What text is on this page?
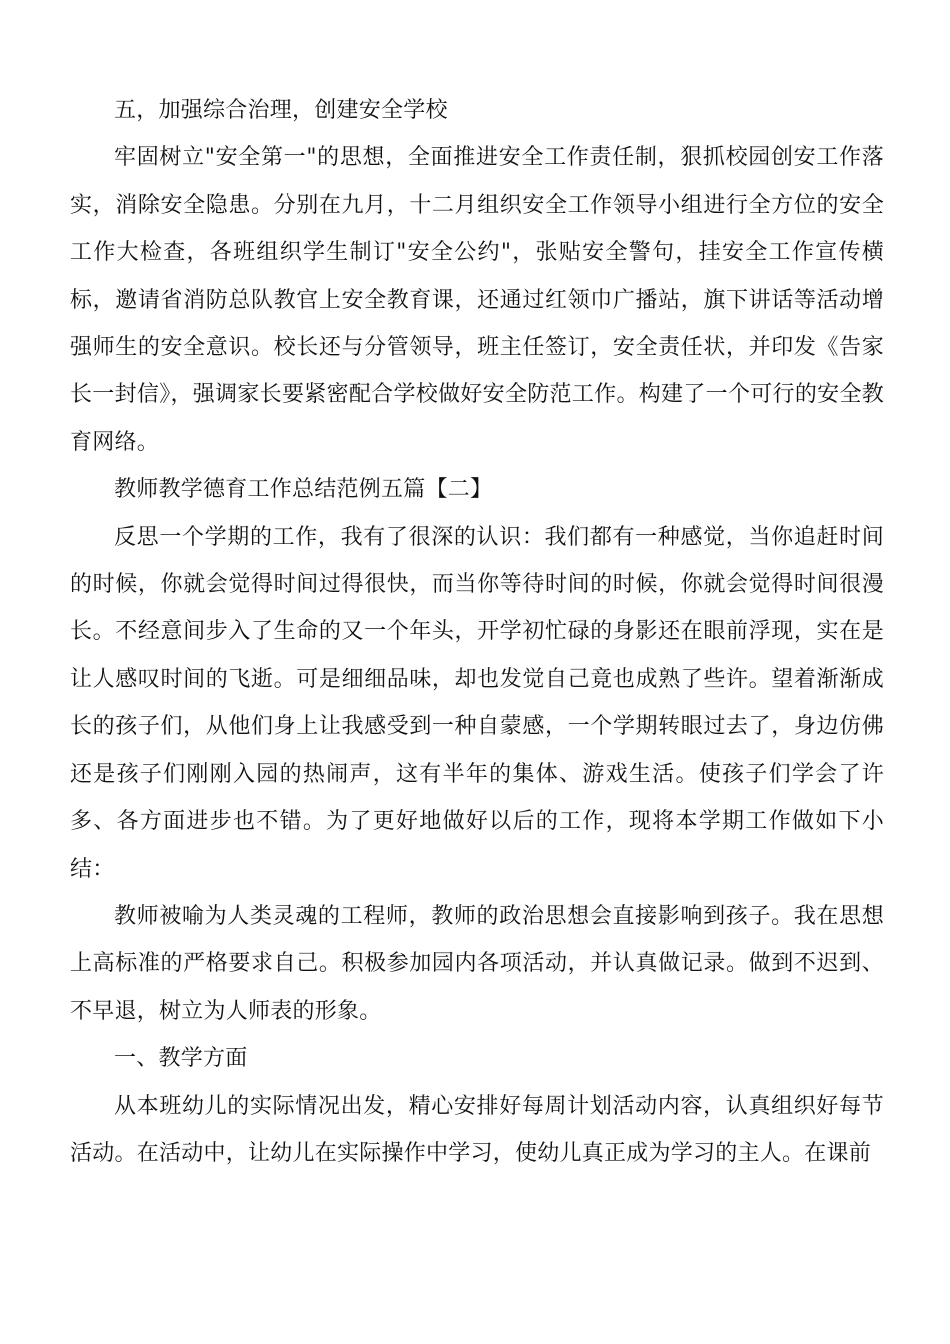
五，加强综合治理，创建安全学校

牢固树立"安全第一"的思想，全面推进安全工作责任制，狠抓校园创安工作落实，消除安全隐患。分别在九月，十二月组织安全工作领导小组进行全方位的安全工作大检查，各班组织学生制订"安全公约"，张贴安全警句，挂安全工作宣传横标，邀请省消防总队教官上安全教育课，还通过红领巾广播站，旗下讲话等活动增强师生的安全意识。校长还与分管领导，班主任签订，安全责任状，并印发《告家长一封信》，强调家长要紧密配合学校做好安全防范工作。构建了一个可行的安全教育网络。

教师教学德育工作总结范例五篇【二】

反思一个学期的工作，我有了很深的认识：我们都有一种感觉，当你追赶时间的时候，你就会觉得时间过得很快，而当你等待时间的时候，你就会觉得时间很漫长。不经意间步入了生命的又一个年头，开学初忙碌的身影还在眼前浮现，实在是让人感叹时间的飞逝。可是细细品味，却也发觉自己竟也成熟了些许。望着渐渐成长的孩子们，从他们身上让我感受到一种自蒙感，一个学期转眼过去了，身边仿佛还是孩子们刚刚入园的热闹声，这有半年的集体、游戏生活。使孩子们学会了许多、各方面进步也不错。为了更好地做好以后的工作，现将本学期工作做如下小结：

教师被喻为人类灵魂的工程师，教师的政治思想会直接影响到孩子。我在思想上高标准的严格要求自己。积极参加园内各项活动，并认真做记录。做到不迟到、不早退，树立为人师表的形象。

一、教学方面

从本班幼儿的实际情况出发，精心安排好每周计划活动内容，认真组织好每节活动。在活动中，让幼儿在实际操作中学习，使幼儿真正成为学习的主人。在课前
